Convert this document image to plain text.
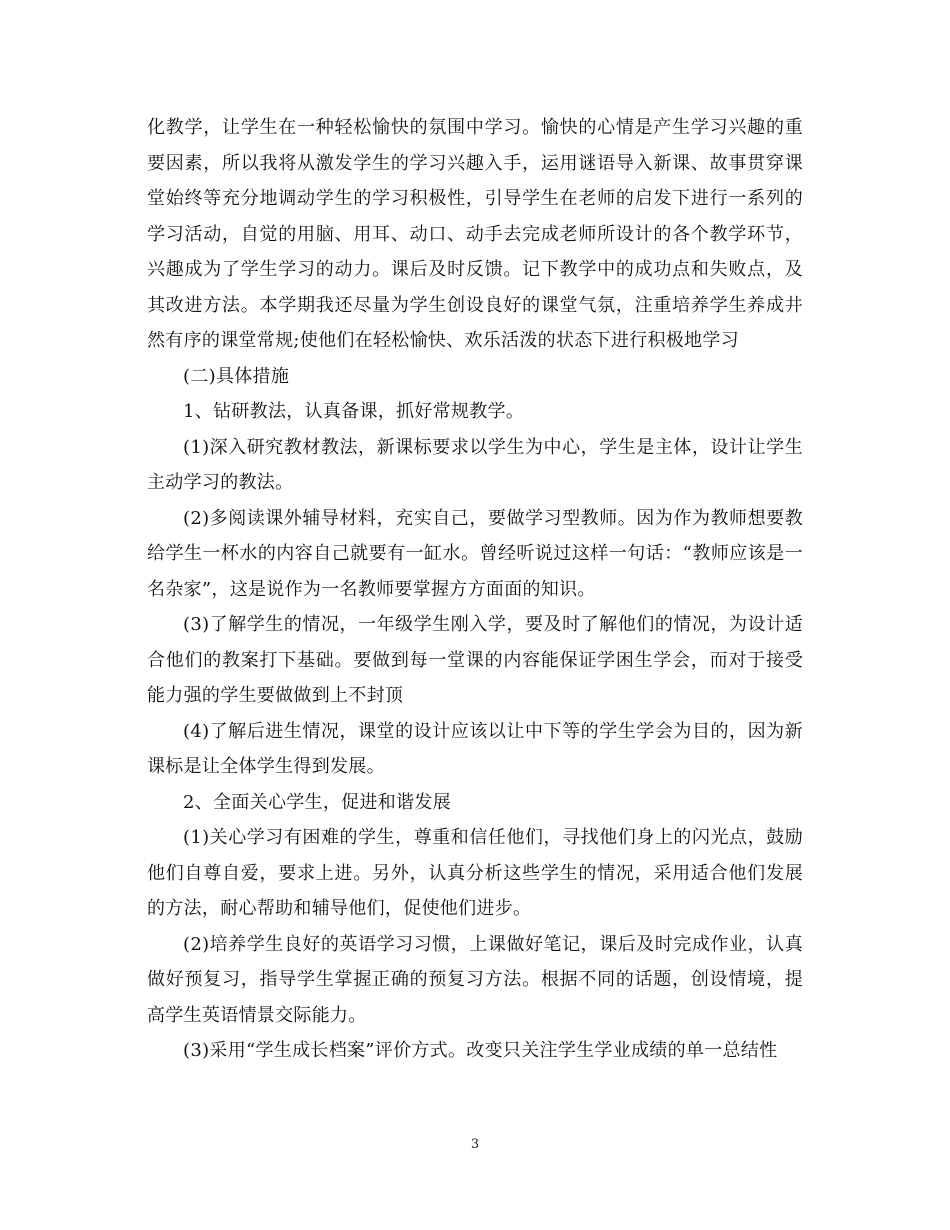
化教学，让学生在一种轻松愉快的氛围中学习。愉快的心情是产生学习兴趣的重要因素，所以我将从激发学生的学习兴趣入手，运用谜语导入新课、故事贯穿课堂始终等充分地调动学生的学习积极性，引导学生在老师的启发下进行一系列的学习活动，自觉的用脑、用耳、动口、动手去完成老师所设计的各个教学环节，兴趣成为了学生学习的动力。课后及时反馈。记下教学中的成功点和失败点，及其改进方法。本学期我还尽量为学生创设良好的课堂气氛，注重培养学生养成井然有序的课堂常规;使他们在轻松愉快、欢乐活泼的状态下进行积极地学习

(二)具体措施

1、钻研教法，认真备课，抓好常规教学。

(1)深入研究教材教法，新课标要求以学生为中心，学生是主体，设计让学生主动学习的教法。

(2)多阅读课外辅导材料，充实自己，要做学习型教师。因为作为教师想要教给学生一杯水的内容自己就要有一缸水。曾经听说过这样一句话：“教师应该是一名杂家”，这是说作为一名教师要掌握方方面面的知识。

(3)了解学生的情况，一年级学生刚入学，要及时了解他们的情况，为设计适合他们的教案打下基础。要做到每一堂课的内容能保证学困生学会，而对于接受能力强的学生要做做到上不封顶

(4)了解后进生情况，课堂的设计应该以让中下等的学生学会为目的，因为新课标是让全体学生得到发展。

2、全面关心学生，促进和谐发展

(1)关心学习有困难的学生，尊重和信任他们，寻找他们身上的闪光点，鼓励他们自尊自爱，要求上进。另外，认真分析这些学生的情况，采用适合他们发展的方法，耐心帮助和辅导他们，促使他们进步。

(2)培养学生良好的英语学习习惯，上课做好笔记，课后及时完成作业，认真做好预复习，指导学生掌握正确的预复习方法。根据不同的话题，创设情境，提高学生英语情景交际能力。

(3)采用“学生成长档案”评价方式。改变只关注学生学业成绩的单一总结性

3
